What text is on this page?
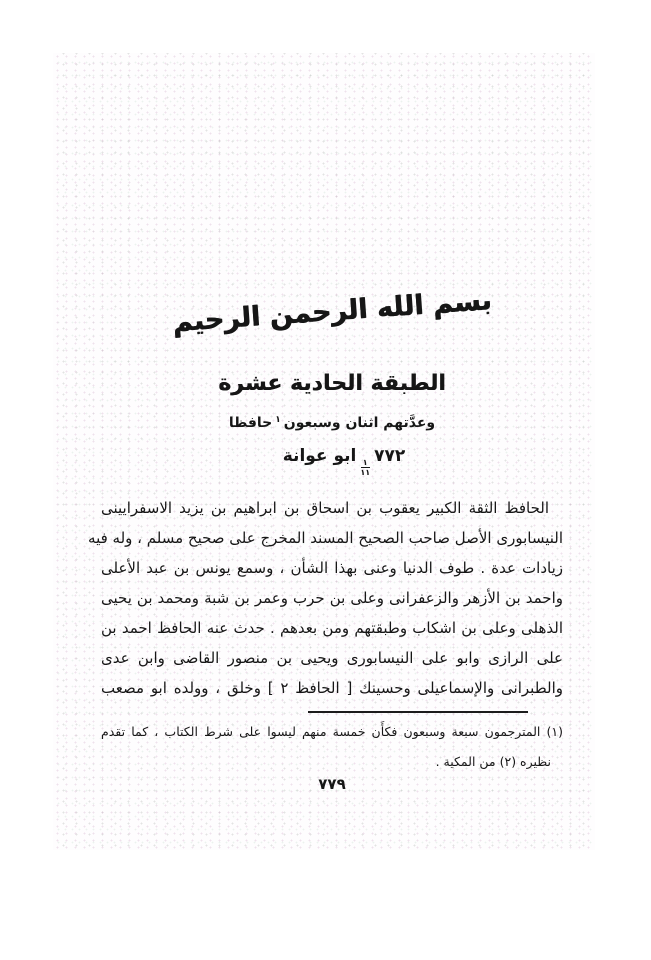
بسم الله الرحمن الرحيم
الطبقة الحادية عشرة
وعدَّتهم اثنان وسبعون$^١$حافظا
٧٧٢
$\frac{١}{١١}$
ابو عوانة
الحافظ الثقة الكبير يعقوب بن اسحاق بن ابراهيم بن يزيد الاسفرايينى
النيسابورى الأصل صاحب الصحيح المسند المخرج على صحيح مسلم ، وله فيه
زيادات عدة . طوف الدنيا وعنى بهذا الشأن ، وسمع يونس بن عبد الأعلى
واحمد بن الأزهر والزعفرانى وعلى بن حرب وعمر بن شبة ومحمد بن يحيى
الذهلى وعلى بن اشكاب وطبقتهم ومن بعدهم . حدث عنه الحافظ احمد بن
على الرازى وابو على النيسابورى ويحيى بن منصور القاضى وابن عدى
والطبرانى والإسماعيلى وحسينك [ الحافظ ٢ ] وخلق ، وولده ابو مصعب
(١) المترجمون سبعة وسبعون فكأَن خمسة منهم ليسوا على شرط الكتاب ، كما تقدم
نظيره (٢) من المكية .
٧٧٩
